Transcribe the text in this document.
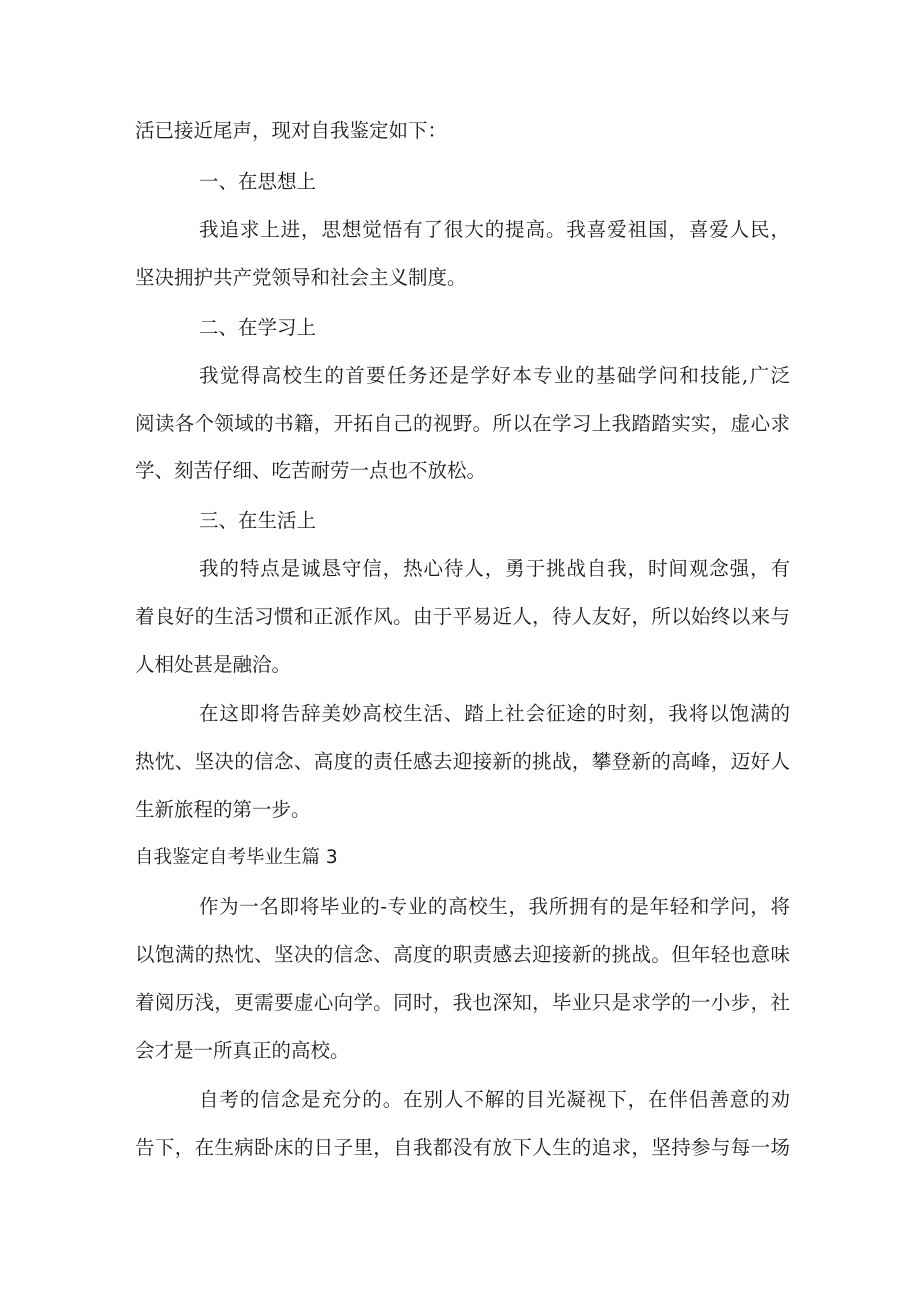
活已接近尾声，现对自我鉴定如下：
一、在思想上
我追求上进，思想觉悟有了很大的提高。我喜爱祖国，喜爱人民，
坚决拥护共产党领导和社会主义制度。
二、在学习上
我觉得高校生的首要任务还是学好本专业的基础学问和技能,广泛
阅读各个领域的书籍，开拓自己的视野。所以在学习上我踏踏实实，虚心求
学、刻苦仔细、吃苦耐劳一点也不放松。
三、在生活上
我的特点是诚恳守信，热心待人，勇于挑战自我，时间观念强，有
着良好的生活习惯和正派作风。由于平易近人，待人友好，所以始终以来与
人相处甚是融洽。
在这即将告辞美妙高校生活、踏上社会征途的时刻，我将以饱满的
热忱、坚决的信念、高度的责任感去迎接新的挑战，攀登新的高峰，迈好人
生新旅程的第一步。
自我鉴定自考毕业生篇 3
作为一名即将毕业的-专业的高校生，我所拥有的是年轻和学问，将
以饱满的热忱、坚决的信念、高度的职责感去迎接新的挑战。但年轻也意味
着阅历浅，更需要虚心向学。同时，我也深知，毕业只是求学的一小步，社
会才是一所真正的高校。
自考的信念是充分的。在别人不解的目光凝视下，在伴侣善意的劝
告下，在生病卧床的日子里，自我都没有放下人生的追求，坚持参与每一场
